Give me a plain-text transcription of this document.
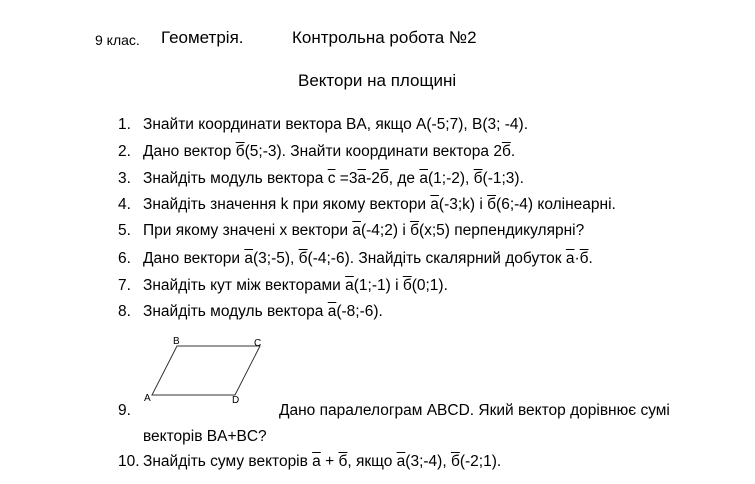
9 клас. Геометрія.	Контрольна робота №2
Вектори на площині
1. Знайти координати вектора BA, якщо A(-5;7), B(3; -4).
2. Дано вектор б(5;-3). Знайти координати вектора 2б.
3. Знайдіть модуль вектора $\overline{c} =3\overline{a}-2б$, де $\overline{a}(1;-2)$, б(-1;3).
4. Знайдіть значення k при якому вектори $\overline{a}(-3;k)$ і б(6;-4) колінеарні.
5. При якому значені x вектори $\overline{a}(-4;2)$ і б(x;5) перпендикулярні?
6. Дано вектори $\overline{a}(3;-5)$, б(-4;-6). Знайдіть скалярний добуток $\overline{a}\cdot б$.
7. Знайдіть кут між векторами $\overline{a}(1;-1)$ і б(0;1).
8. Знайдіть модуль вектора $\overline{a}(-8;-6)$.
9.
A
B	C
D
Дано паралелограм ABCD. Який вектор дорівнює сумі
векторів BA+BC?
10. Знайдіть суму векторів $\overline{a} + б$, якщо $\overline{a}(3;-4)$, б(-2;1).
